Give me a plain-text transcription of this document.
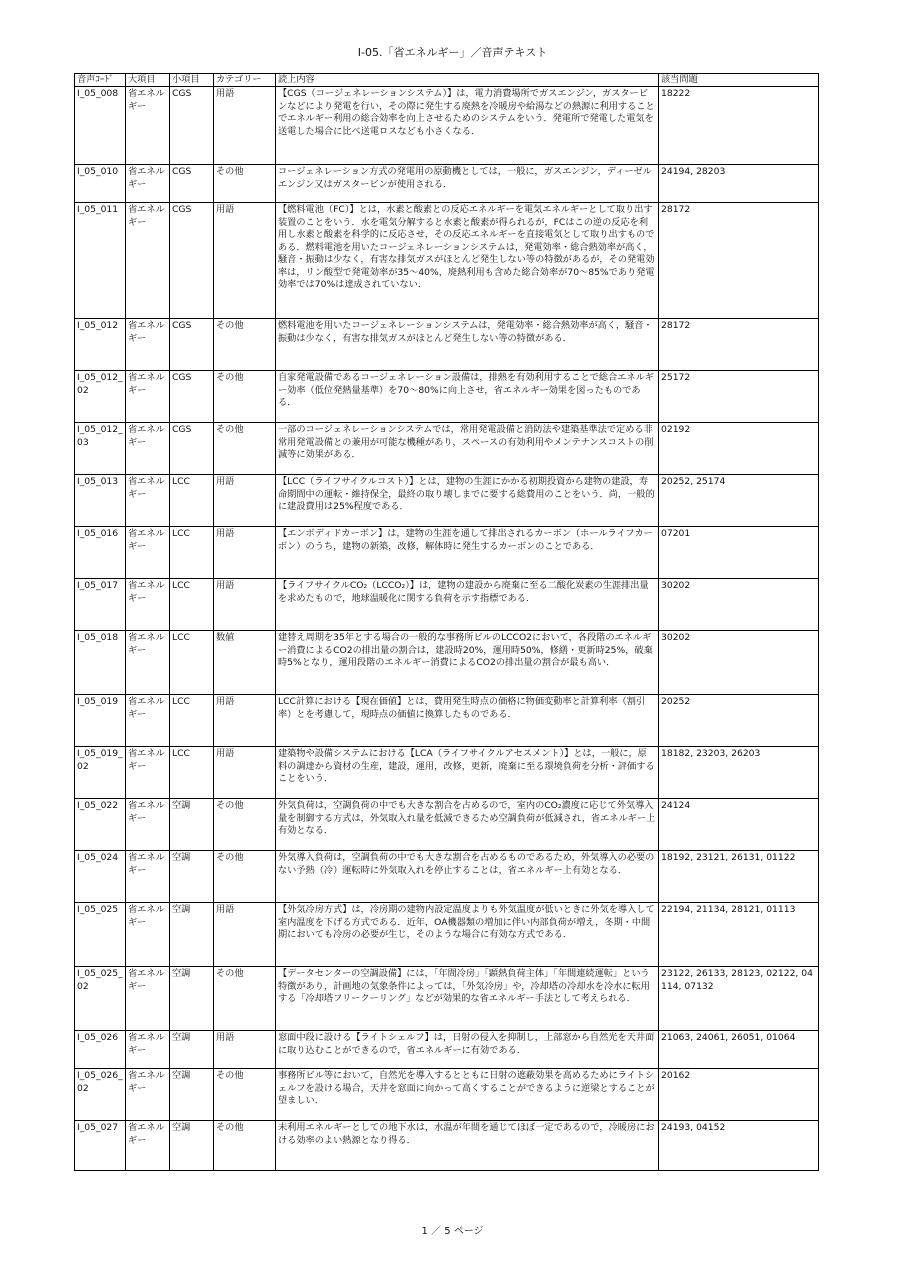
Ⅰ-05.「省エネルギー」／音声テキスト
音声ｺｰﾄﾞ	大項目	小項目	カテゴリー	読上内容	該当問題
Ⅰ_05_008	省エネルギー	CGS	用語	【CGS（コージェネレーションシステム）】は，電力消費場所でガスエンジン，ガスタービンなどにより発電を行い，その際に発生する廃熱を冷暖房や給湯などの熱源に利用することでエネルギー利用の総合効率を向上させるためのシステムをいう．発電所で発電した電気を送電した場合に比べ送電ロスなども小さくなる．	18222
Ⅰ_05_010	省エネルギー	CGS	その他	コージェネレーション方式の発電用の原動機としては，一般に，ガスエンジン，ディーゼルエンジン又はガスタービンが使用される．	24194, 28203
Ⅰ_05_011	省エネルギー	CGS	用語	【燃料電池（FC）】とは，水素と酸素との反応エネルギーを電気エネルギーとして取り出す装置のことをいう．水を電気分解すると水素と酸素が得られるが，FCはこの逆の反応を利用し水素と酸素を科学的に反応させ，その反応エネルギーを直接電気として取り出すものである．燃料電池を用いたコージェネレーションシステムは，発電効率・総合熱効率が高く，騒音・振動は少なく，有害な排気ガスがほとんど発生しない等の特徴があるが，その発電効率は，リン酸型で発電効率が35～40%，廃熱利用も含めた総合効率が70～85%であり発電効率では70%は達成されていない．	28172
Ⅰ_05_012	省エネルギー	CGS	その他	燃料電池を用いたコージェネレーションシステムは，発電効率・総合熱効率が高く，騒音・振動は少なく，有害な排気ガスがほとんど発生しない等の特徴がある．	28172
Ⅰ_05_012_02	省エネルギー	CGS	その他	自家発電設備であるコージェネレーション設備は，排熱を有効利用することで総合エネルギー効率（低位発熱量基準）を70～80%に向上させ，省エネルギー効果を図ったものである．	25172
Ⅰ_05_012_03	省エネルギー	CGS	その他	一部のコージェネレーションシステムでは，常用発電設備と消防法や建築基準法で定める非常用発電設備との兼用が可能な機種があり，スペースの有効利用やメンテナンスコストの削減等に効果がある．	02192
Ⅰ_05_013	省エネルギー	LCC	用語	【LCC（ライフサイクルコスト）】とは，建物の生涯にかかる初期投資から建物の建設，寿命期間中の運転・維持保全，最終の取り壊しまでに要する総費用のことをいう．尚，一般的に建設費用は25%程度である．	20252, 25174
Ⅰ_05_016	省エネルギー	LCC	用語	【エンボディドカーボン】は，建物の生涯を通して排出されるカーボン（ホールライフカーボン）のうち，建物の新築，改修，解体時に発生するカーボンのことである．	07201
Ⅰ_05_017	省エネルギー	LCC	用語	【ライフサイクルCO₂（LCCO₂）】は，建物の建設から廃棄に至る二酸化炭素の生涯排出量を求めたもので，地球温暖化に関する負荷を示す指標である．	30202
Ⅰ_05_018	省エネルギー	LCC	数値	建替え周期を35年とする場合の一般的な事務所ビルのLCCO2において，各段階のエネルギー消費によるCO2の排出量の割合は，建設時20%，運用時50%，修繕・更新時25%，破棄時5%となり，運用段階のエネルギー消費によるCO2の排出量の割合が最も高い．	30202
Ⅰ_05_019	省エネルギー	LCC	用語	LCC計算における【現在価値】とは，費用発生時点の価格に物価変動率と計算利率（割引率）とを考慮して，現時点の価値に換算したものである．	20252
Ⅰ_05_019_02	省エネルギー	LCC	用語	建築物や設備システムにおける【LCA（ライフサイクルアセスメント）】とは，一般に，原料の調達から資材の生産，建設，運用，改修，更新，廃棄に至る環境負荷を分析・評価することをいう．	18182, 23203, 26203
Ⅰ_05_022	省エネルギー	空調	その他	外気負荷は，空調負荷の中でも大きな割合を占めるので，室内のCO₂濃度に応じて外気導入量を制御する方式は，外気取入れ量を低減できるため空調負荷が低減され，省エネルギー上有効となる．	24124
Ⅰ_05_024	省エネルギー	空調	その他	外気導入負荷は，空調負荷の中でも大きな割合を占めるものであるため，外気導入の必要のない予熱（冷）運転時に外気取入れを停止することは，省エネルギー上有効となる．	18192, 23121, 26131, 01122
Ⅰ_05_025	省エネルギー	空調	用語	【外気冷房方式】は，冷房期の建物内設定温度よりも外気温度が低いときに外気を導入して室内温度を下げる方式である．近年，OA機器類の増加に伴い内部負荷が増え，冬期・中間期においても冷房の必要が生じ，そのような場合に有効な方式である．	22194, 21134, 28121, 01113
Ⅰ_05_025_02	省エネルギー	空調	その他	【データセンターの空調設備】には，「年間冷房」「顕熱負荷主体」「年間連続運転」という特徴があり，計画地の気象条件によっては，「外気冷房」や，冷却塔の冷却水を冷水に転用する「冷却塔フリークーリング」などが効果的な省エネルギー手法として考えられる．	23122, 26133, 28123, 02122, 04114, 07132
Ⅰ_05_026	省エネルギー	空調	用語	窓面中段に設ける【ライトシェルフ】は，日射の侵入を抑制し，上部窓から自然光を天井面に取り込むことができるので，省エネルギーに有効である．	21063, 24061, 26051, 01064
Ⅰ_05_026_02	省エネルギー	空調	その他	事務所ビル等において，自然光を導入するとともに日射の遮蔽効果を高めるためにライトシェルフを設ける場合，天井を窓面に向かって高くすることができるように逆梁とすることが望ましい．	20162
Ⅰ_05_027	省エネルギー	空調	その他	未利用エネルギーとしての地下水は，水温が年間を通じてほぼ一定であるので，冷暖房における効率のよい熱源となり得る．	24193, 04152
1 ／ 5 ページ
